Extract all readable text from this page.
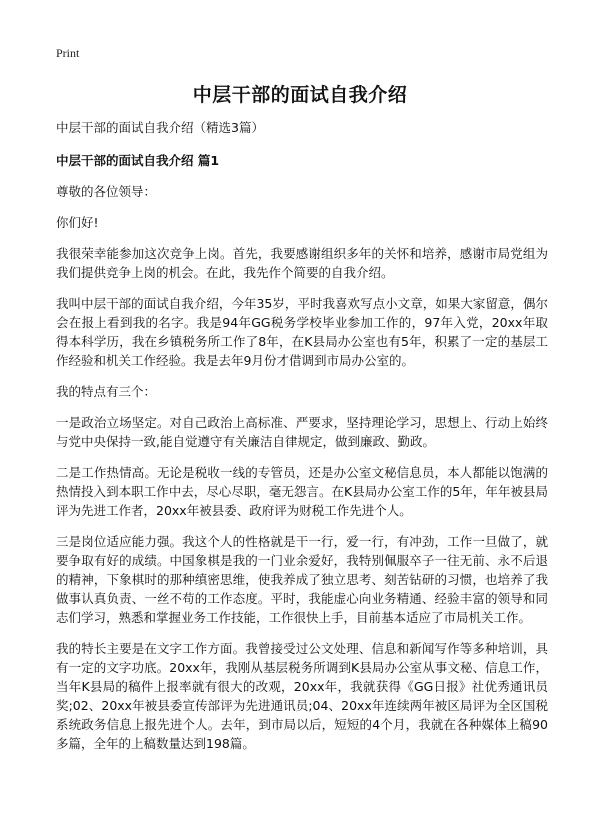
Print
中层干部的面试自我介绍

中层干部的面试自我介绍（精选3篇）

中层干部的面试自我介绍 篇1

尊敬的各位领导：

你们好!

我很荣幸能参加这次竞争上岗。首先，我要感谢组织多年的关怀和培养，感谢市局党组为我们提供竞争上岗的机会。在此，我先作个简要的自我介绍。

我叫中层干部的面试自我介绍，今年35岁，平时我喜欢写点小文章，如果大家留意，偶尔会在报上看到我的名字。我是94年GG税务学校毕业参加工作的，97年入党，20xx年取得本科学历，我在乡镇税务所工作了8年，在K县局办公室也有5年，积累了一定的基层工作经验和机关工作经验。我是去年9月份才借调到市局办公室的。

我的特点有三个：

一是政治立场坚定。对自己政治上高标准、严要求，坚持理论学习，思想上、行动上始终与党中央保持一致,能自觉遵守有关廉洁自律规定，做到廉政、勤政。

二是工作热情高。无论是税收一线的专管员，还是办公室文秘信息员，本人都能以饱满的热情投入到本职工作中去，尽心尽职，毫无怨言。在K县局办公室工作的5年，年年被县局评为先进工作者，20xx年被县委、政府评为财税工作先进个人。

三是岗位适应能力强。我这个人的性格就是干一行，爱一行，有冲劲，工作一旦做了，就要争取有好的成绩。中国象棋是我的一门业余爱好，我特别佩服卒子一往无前、永不后退的精神，下象棋时的那种缜密思维，使我养成了独立思考、刻苦钻研的习惯，也培养了我做事认真负责、一丝不苟的工作态度。平时，我能虚心向业务精通、经验丰富的领导和同志们学习，熟悉和掌握业务工作技能，工作很快上手，目前基本适应了市局机关工作。

我的特长主要是在文字工作方面。我曾接受过公文处理、信息和新闻写作等多种培训，具有一定的文字功底。20xx年，我刚从基层税务所调到K县局办公室从事文秘、信息工作，当年K县局的稿件上报率就有很大的改观，20xx年，我就获得《GG日报》社优秀通讯员奖;02、20xx年被县委宣传部评为先进通讯员;04、20xx年连续两年被区局评为全区国税系统政务信息上报先进个人。去年，到市局以后，短短的4个月，我就在各种媒体上稿90多篇，全年的上稿数量达到198篇。
